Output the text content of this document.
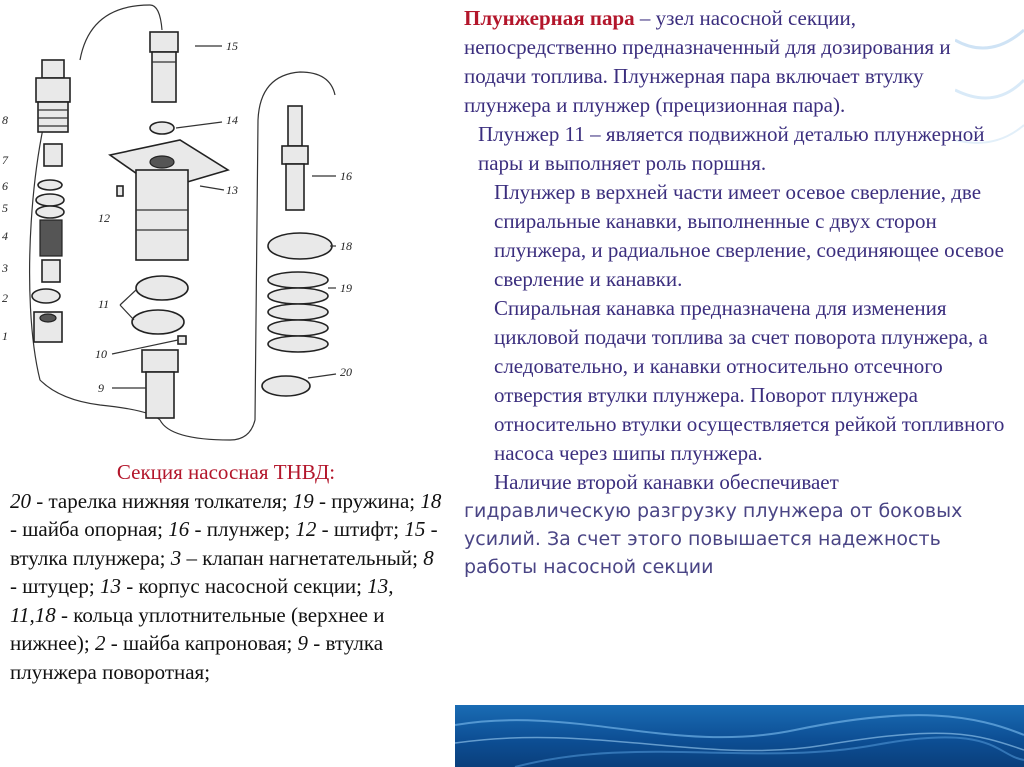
15
14
13
12
11
10
9
8
7
6
5
4
3
2
1
16
18
19
20
Секция насосная ТНВД:
20 - тарелка нижняя толкателя; 19 - пружина; 18 - шайба опорная; 16 - плунжер; 12 - штифт; 15 - втулка плунжера; 3 – клапан нагнетательный; 8 - штуцер; 13 - корпус насосной секции; 13, 11,18 - кольца уплотнительные (верхнее и нижнее); 2 - шайба капроновая; 9 - втулка плунжера поворотная;

Плунжерная пара – узел насосной секции, непосредственно предназначенный для дозирования и подачи топлива. Плунжерная пара включает втулку плунжера и плунжер (прецизионная пара).

Плунжер 11 – является подвижной деталью плунжерной пары и выполняет роль поршня.

Плунжер в верхней части имеет осевое сверление, две спиральные канавки, выполненные с двух сторон плунжера, и радиальное сверление, соединяющее осевое сверление и канавки.

Спиральная канавка предназначена для изменения цикловой подачи топлива за счет поворота плунжера, а следовательно, и канавки относительно отсечного отверстия втулки плунжера. Поворот плунжера относительно втулки осуществляется рейкой топливного насоса через шипы плунжера.

Наличие второй канавки обеспечивает

гидравлическую разгрузку плунжера от боковых усилий. За счет этого повышается надежность работы насосной секции
